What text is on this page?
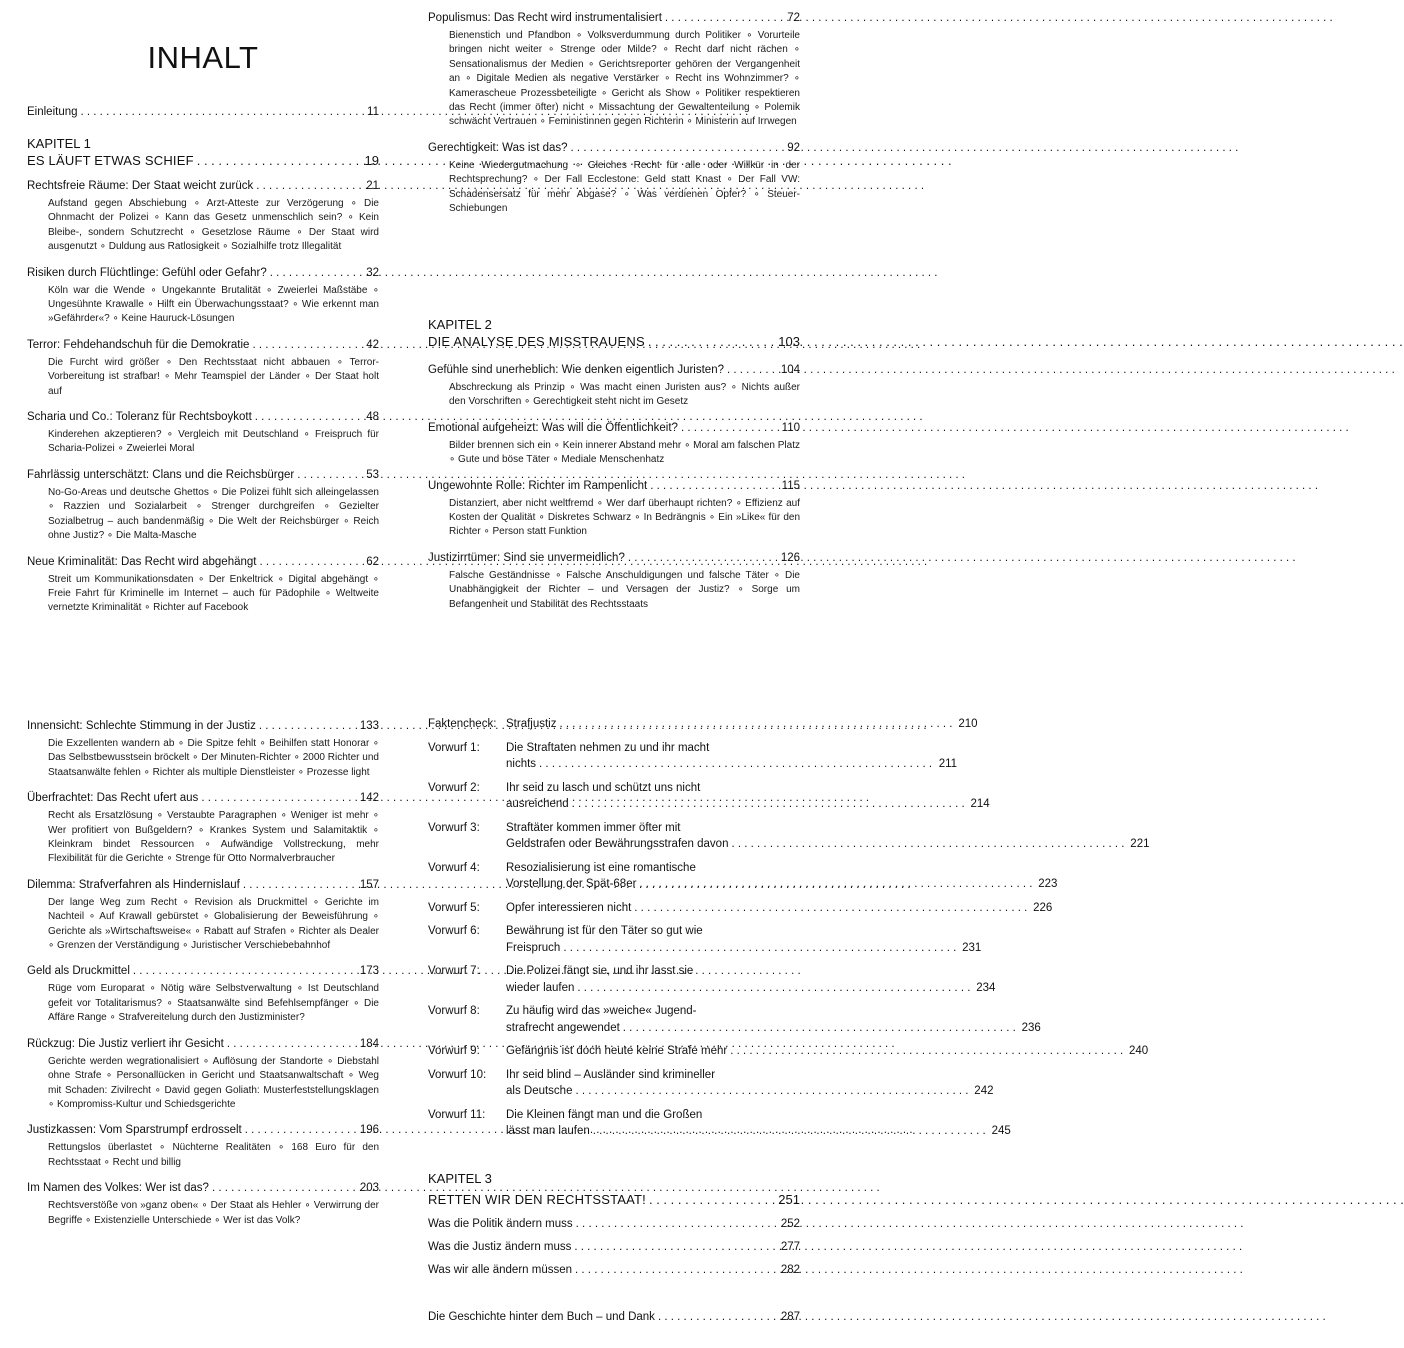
INHALT
Einleitung . . .	11
KAPITEL 1
ES LÄUFT ETWAS SCHIEF . . .	19
Rechtsfreie Räume: Der Staat weicht zurück . . .	21
Aufstand gegen Abschiebung ∘ Arzt-Atteste zur Verzögerung ∘ Die Ohnmacht der Polizei ∘ Kann das Gesetz unmenschlich sein? ∘ Kein Bleibe-, sondern Schutzrecht ∘ Gesetzlose Räume ∘ Der Staat wird ausgenutzt ∘ Duldung aus Ratlosigkeit ∘ Sozialhilfe trotz Illegalität
Risiken durch Flüchtlinge: Gefühl oder Gefahr? . . .	32
Köln war die Wende ∘ Ungekannte Brutalität ∘ Zweierlei Maßstäbe ∘ Ungesühnte Krawalle ∘ Hilft ein Überwachungsstaat? ∘ Wie erkennt man »Gefährder«? ∘ Keine Hauruck-Lösungen
Terror: Fehdehandschuh für die Demokratie . . .	42
Die Furcht wird größer ∘ Den Rechtsstaat nicht abbauen ∘ Terror-Vorbereitung ist strafbar! ∘ Mehr Teamspiel der Länder ∘ Der Staat holt auf
Scharia und Co.: Toleranz für Rechtsboykott . . .	48
Kinderehen akzeptieren? ∘ Vergleich mit Deutschland ∘ Freispruch für Scharia-Polizei ∘ Zweierlei Moral
Fahrlässig unterschätzt: Clans und die Reichsbürger . . .	53
No-Go-Areas und deutsche Ghettos ∘ Die Polizei fühlt sich alleingelassen ∘ Razzien und Sozialarbeit ∘ Strenger durchgreifen ∘ Gezielter Sozialbetrug – auch bandenmäßig ∘ Die Welt der Reichsbürger ∘ Reich ohne Justiz? ∘ Die Malta-Masche
Neue Kriminalität: Das Recht wird abgehängt . . .	62
Streit um Kommunikationsdaten ∘ Der Enkeltrick ∘ Digital abgehängt ∘ Freie Fahrt für Kriminelle im Internet – auch für Pädophile ∘ Weltweite vernetzte Kriminalität ∘ Richter auf Facebook
Innensicht: Schlechte Stimmung in der Justiz . . .	133
Die Exzellenten wandern ab ∘ Die Spitze fehlt ∘ Beihilfen statt Honorar ∘ Das Selbstbewusstsein bröckelt ∘ Der Minuten-Richter ∘ 2000 Richter und Staatsanwälte fehlen ∘ Richter als multiple Dienstleister ∘ Prozesse light
Überfrachtet: Das Recht ufert aus . . .	142
Recht als Ersatzlösung ∘ Verstaubte Paragraphen ∘ Weniger ist mehr ∘ Wer profitiert von Bußgeldern? ∘ Krankes System und Salamitaktik ∘ Kleinkram bindet Ressourcen ∘ Aufwändige Vollstreckung, mehr Flexibilität für die Gerichte ∘ Strenge für Otto Normalverbraucher
Dilemma: Strafverfahren als Hindernislauf . . .	157
Der lange Weg zum Recht ∘ Revision als Druckmittel ∘ Gerichte im Nachteil ∘ Auf Krawall gebürstet ∘ Globalisierung der Beweisführung ∘ Gerichte als »Wirtschaftsweise« ∘ Rabatt auf Strafen ∘ Richter als Dealer ∘ Grenzen der Verständigung ∘ Juristischer Verschiebebahnhof
Geld als Druckmittel . . .	173
Rüge vom Europarat ∘ Nötig wäre Selbstverwaltung ∘ Ist Deutschland gefeit vor Totalitarismus? ∘ Staatsanwälte sind Befehlsempfänger ∘ Die Affäre Range ∘ Strafvereitelung durch den Justizminister?
Rückzug: Die Justiz verliert ihr Gesicht . . .	184
Gerichte werden wegrationalisiert ∘ Auflösung der Standorte ∘ Diebstahl ohne Strafe ∘ Personallücken in Gericht und Staatsanwaltschaft ∘ Weg mit Schaden: Zivilrecht ∘ David gegen Goliath: Musterfeststellungsklagen ∘ Kompromiss-Kultur und Schiedsgerichte
Justizkassen: Vom Sparstrumpf erdrosselt . . .	196
Rettungslos überlastet ∘ Nüchterne Realitäten ∘ 168 Euro für den Rechtsstaat ∘ Recht und billig
Im Namen des Volkes: Wer ist das? . . .	203
Rechtsverstöße von »ganz oben« ∘ Der Staat als Hehler ∘ Verwirrung der Begriffe ∘ Existenzielle Unterschiede ∘ Wer ist das Volk?
Populismus: Das Recht wird instrumentalisiert . . .	72
Bienenstich und Pfandbon ∘ Volksverdummung durch Politiker ∘ Vorurteile bringen nicht weiter ∘ Strenge oder Milde? ∘ Recht darf nicht rächen ∘ Sensationalismus der Medien ∘ Gerichtsreporter gehören der Vergangenheit an ∘ Digitale Medien als negative Verstärker ∘ Recht ins Wohnzimmer? ∘ Kamerascheue Prozessbeteiligte ∘ Gericht als Show ∘ Politiker respektieren das Recht (immer öfter) nicht ∘ Missachtung der Gewaltenteilung ∘ Polemik schwächt Vertrauen ∘ Feministinnen gegen Richterin ∘ Ministerin auf Irrwegen
Gerechtigkeit: Was ist das? . . .	92
Keine Wiedergutmachung ∘ Gleiches Recht für alle oder Willkür in der Rechtsprechung? ∘ Der Fall Ecclestone: Geld statt Knast ∘ Der Fall VW: Schadensersatz für mehr Abgase? ∘ Was verdienen Opfer? ∘ Steuer-Schiebungen
KAPITEL 2
DIE ANALYSE DES MISSTRAUENS . . .	103
Gefühle sind unerheblich: Wie denken eigentlich Juristen? . . .	104
Abschreckung als Prinzip ∘ Was macht einen Juristen aus? ∘ Nichts außer den Vorschriften ∘ Gerechtigkeit steht nicht im Gesetz
Emotional aufgeheizt: Was will die Öffentlichkeit? . . .	110
Bilder brennen sich ein ∘ Kein innerer Abstand mehr ∘ Moral am falschen Platz ∘ Gute und böse Täter ∘ Mediale Menschenhatz
Ungewohnte Rolle: Richter im Rampenlicht . . .	115
Distanziert, aber nicht weltfremd ∘ Wer darf überhaupt richten? ∘ Effizienz auf Kosten der Qualität ∘ Diskretes Schwarz ∘ In Bedrängnis ∘ Ein »Like« für den Richter ∘ Person statt Funktion
Justizirrtümer: Sind sie unvermeidlich? . . .	126
Falsche Geständnisse ∘ Falsche Anschuldigungen und falsche Täter ∘ Die Unabhängigkeit der Richter – und Versagen der Justiz? ∘ Sorge um Befangenheit und Stabilität des Rechtsstaats
Faktencheck: Strafjustiz . . .	210
Vorwurf 1:	Die Straftaten nehmen zu und ihr macht
nichts . . .	211
Vorwurf 2:	Ihr seid zu lasch und schützt uns nicht
ausreichend . . .	214
Vorwurf 3:	Straftäter kommen immer öfter mit
Geldstrafen oder Bewährungsstrafen davon . . .	221
Vorwurf 4:	Resozialisierung ist eine romantische
Vorstellung der Spät-68er . . .	223
Vorwurf 5:	Opfer interessieren nicht . . .	226
Vorwurf 6:	Bewährung ist für den Täter so gut wie
Freispruch . . .	231
Vorwurf 7:	Die Polizei fängt sie, und ihr lasst sie
wieder laufen . . .	234
Vorwurf 8:	Zu häufig wird das »weiche« Jugend-
strafrecht angewendet . . .	236
Vorwurf 9:	Gefängnis ist doch heute keine Strafe mehr . . .	240
Vorwurf 10:	Ihr seid blind – Ausländer sind krimineller
als Deutsche . . .	242
Vorwurf 11:	Die Kleinen fängt man und die Großen
lässt man laufen . . .	245
KAPITEL 3
RETTEN WIR DEN RECHTSSTAAT! . . .	251
Was die Politik ändern muss . . .	252
Was die Justiz ändern muss . . .	277
Was wir alle ändern müssen . . .	282
Die Geschichte hinter dem Buch – und Dank . . .	287
